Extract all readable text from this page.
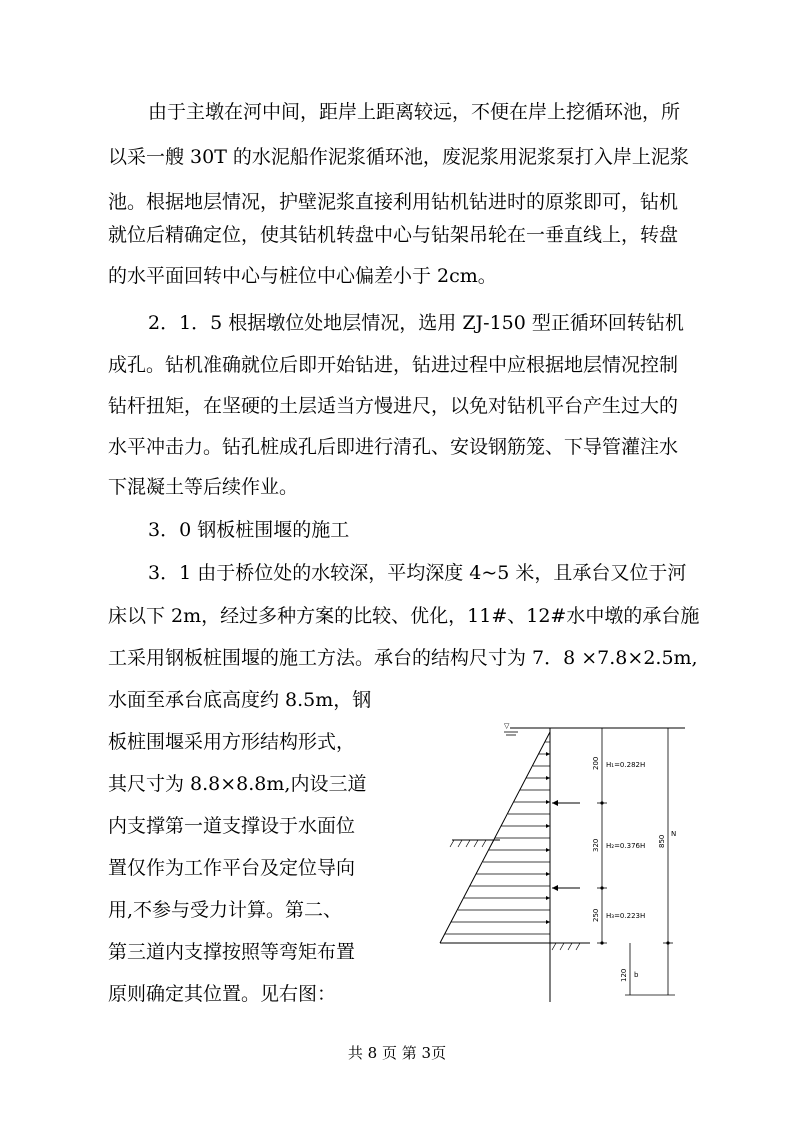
由于主墩在河中间，距岸上距离较远，不便在岸上挖循环池，所
以采一艘 30T 的水泥船作泥浆循环池，废泥浆用泥浆泵打入岸上泥浆
池。根据地层情况，护壁泥浆直接利用钻机钻进时的原浆即可，钻机
就位后精确定位，使其钻机转盘中心与钻架吊轮在一垂直线上，转盘
的水平面回转中心与桩位中心偏差小于 2cm。
2．1．5 根据墩位处地层情况，选用 ZJ-150 型正循环回转钻机
成孔。钻机准确就位后即开始钻进，钻进过程中应根据地层情况控制
钻杆扭矩，在坚硬的土层适当方慢进尺，以免对钻机平台产生过大的
水平冲击力。钻孔桩成孔后即进行清孔、安设钢筋笼、下导管灌注水
下混凝土等后续作业。
3．0 钢板桩围堰的施工
3．1 由于桥位处的水较深，平均深度 4~5 米，且承台又位于河
床以下 2m，经过多种方案的比较、优化，11#、12#水中墩的承台施
工采用钢板桩围堰的施工方法。承台的结构尺寸为 7．8 ×7.8×2.5m,
水面至承台底高度约 8.5m，钢
板桩围堰采用方形结构形式，
其尺寸为 8.8×8.8m,内设三道
内支撑第一道支撑设于水面位
置仅作为工作平台及定位导向
用,不参与受力计算。第二、
第三道内支撑按照等弯矩布置
原则确定其位置。见右图：
▽
200
320
250
H₁=0.282H
H₂=0.376H
H₃=0.223H
850
N
120 b
共 8 页 第 3页
